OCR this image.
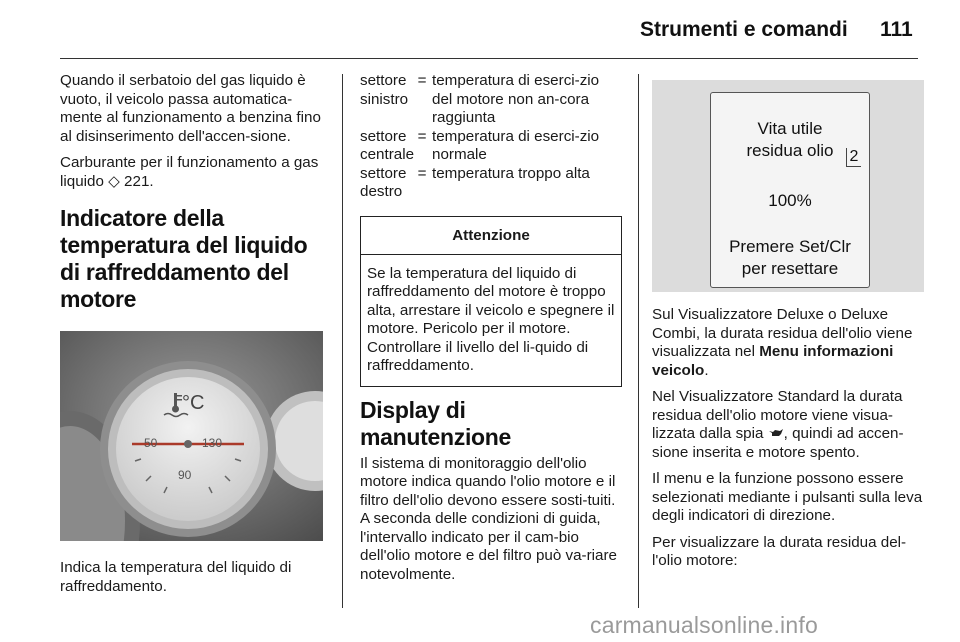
Strumenti e comandi 111

Quando il serbatoio del gas liquido è vuoto, il veicolo passa automatica-mente al funzionamento a benzina fino al disinserimento dell'accen-sione.

Carburante per il funzionamento a gas liquido ◇ 221.

Indicatore della temperatura del liquido di raffreddamento del motore
°C
50	130
90

Indica la temperatura del liquido di raffreddamento.

settore sinistro
= temperatura di eserci-zio del motore non an-cora raggiunta
settore centrale
= temperatura di eserci-zio normale
settore destro
= temperatura troppo alta
Attenzione
Se la temperatura del liquido di raffreddamento del motore è troppo alta, arrestare il veicolo e spegnere il motore. Pericolo per il motore. Controllare il livello del li-quido di raffreddamento.
Display di manutenzione

Il sistema di monitoraggio dell'olio motore indica quando l'olio motore e il filtro dell'olio devono essere sosti-tuiti. A seconda delle condizioni di guida, l'intervallo indicato per il cam-bio dell'olio motore e del filtro può va-riare notevolmente.

Vita utile
residua olio
100%
Premere Set/Clr
per resettare
2

Sul Visualizzatore Deluxe o Deluxe Combi, la durata residua dell'olio viene visualizzata nel Menu informazioni veicolo.

Nel Visualizzatore Standard la durata residua dell'olio motore viene visua-lizzata dalla spia , quindi ad accen-sione inserita e motore spento.

Il menu e la funzione possono essere selezionati mediante i pulsanti sulla leva degli indicatori di direzione.

Per visualizzare la durata residua del-l'olio motore:

carmanualsonline.info
